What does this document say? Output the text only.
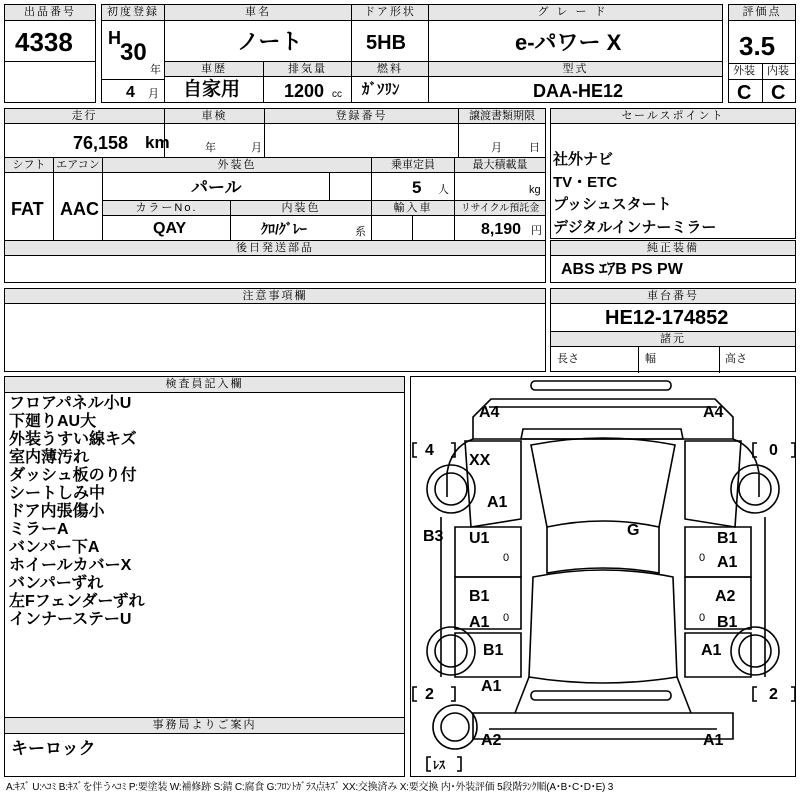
出品番号
4338
初度登録
H
30
年
4 月
車名
ノート
ドア形状
5HB
グレード
e-パワー X
評価点
3.5
外装 内装
C C
車歴
自家用
排気量
1200 cc
燃料
ｶﾞｿﾘﾝ
型式
DAA-HE12
走行
76,158 km
車検
年	月
登録番号	譲渡書類期限
月 日
シフト
FAT
エアコン
AAC
外装色
パール
乗車定員
5 人
最大積載量
kg
カラーNo.
QAY
内装色
ｸﾛ/ｸﾞﾚｰ	系
輸入車	リサイクル預託金
8,190 円
後日発送部品
セールスポイント
社外ナビ
TV・ETC
プッシュスタート
デジタルインナーミラー
純正装備
ABS ｴｱB PS PW
注意事項欄	車台番号
HE12-174852
諸元
長さ	幅	高さ
検査員記入欄
フロアパネル小U
下廻りAU大
外装うすい線キズ
室内薄汚れ
ダッシュ板のり付
シートしみ中
ドア内張傷小
ミラーA
バンパー下A
ホイールカバーX
バンパーずれ
左Fフェンダーずれ
インナーステーU
事務局よりご案内
キーロック
A4	A4
XX
A1
B3 U1	G	B1
A1
B1
A1
A2
B1
B1	A1
A1
A2	A1
4	0
2	2
ﾚｽ
0	0
0	0
A:ｷｽﾞ U:ﾍｺﾐ B:ｷｽﾞを伴うﾍｺﾐ P:要塗装 W:補修跡 S:錆 C:腐食 G:ﾌﾛﾝﾄｶﾞﾗｽ点ｷｽﾞ XX:交換済み X:要交換 内･外装評価 5段階ﾗﾝｸ順(A･B･C･D･E) 3
